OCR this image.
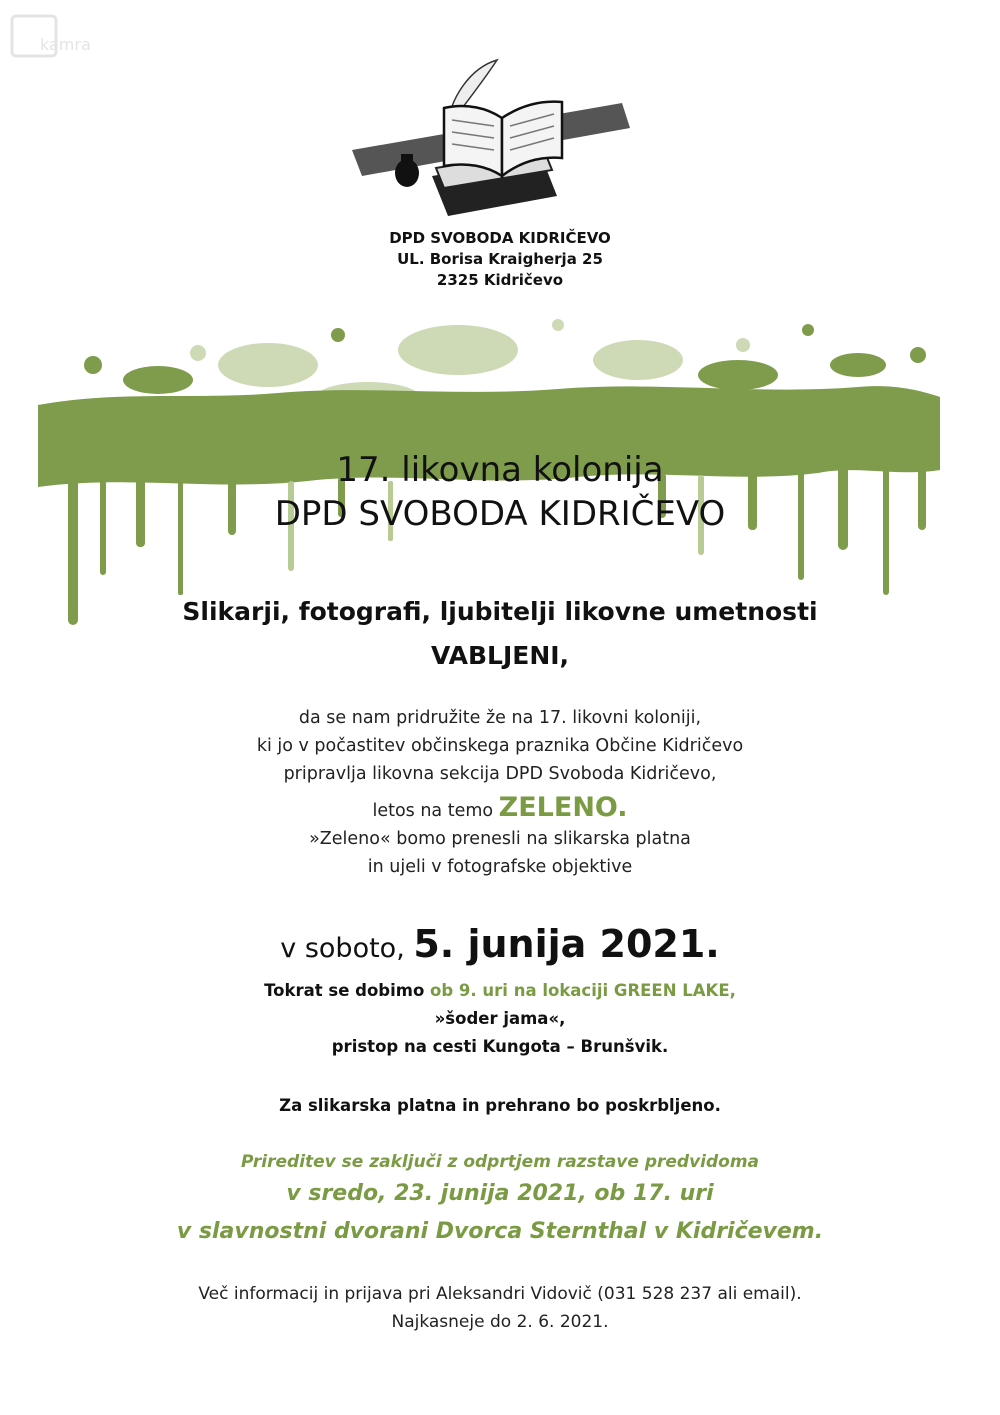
kamra
DPD SVOBODA KIDRIČEVO
UL. Borisa Kraigherja 25
2325 Kidričevo
17. likovna kolonija
DPD SVOBODA KIDRIČEVO
Slikarji, fotografi, ljubitelji likovne umetnosti
VABLJENI,
da se nam pridružite že na 17. likovni koloniji,
ki jo v počastitev občinskega praznika Občine Kidričevo
pripravlja likovna sekcija DPD Svoboda Kidričevo,
letos na temo ZELENO.
»Zeleno« bomo prenesli na slikarska platna
in ujeli v fotografske objektive
v soboto, 5. junija 2021.
Tokrat se dobimo ob 9. uri na lokaciji GREEN LAKE,
»šoder jama«,
pristop na cesti Kungota – Brunšvik.
Za slikarska platna in prehrano bo poskrbljeno.
Prireditev se zaključi z odprtjem razstave predvidoma
v sredo, 23. junija 2021, ob 17. uri
v slavnostni dvorani Dvorca Sternthal v Kidričevem.
Več informacij in prijava pri Aleksandri Vidovič (031 528 237 ali email).
Najkasneje do 2. 6. 2021.
